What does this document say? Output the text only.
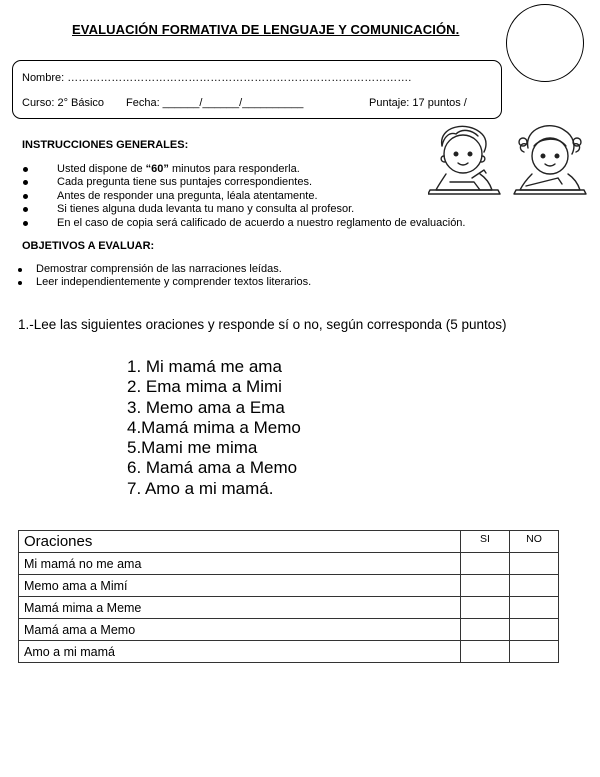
EVALUACIÓN FORMATIVA DE LENGUAJE Y COMUNICACIÓN.
Nombre: ………………………………………………………………………………….
Curso: 2° Básico Fecha: ______/______/__________	Puntaje: 17 puntos /
INSTRUCCIONES GENERALES:
Usted dispone de “60” minutos para responderla.
Cada pregunta tiene sus puntajes correspondientes.
Antes de responder una pregunta, léala atentamente.
Si tienes alguna duda levanta tu mano y consulta al profesor.
En el caso de copia será calificado de acuerdo a nuestro reglamento de evaluación.
OBJETIVOS A EVALUAR:
Demostrar comprensión de las narraciones leídas.
Leer independientemente y comprender textos literarios.
1.-Lee las siguientes oraciones y responde sí o no, según corresponda (5 puntos)
1. Mi mamá me ama
2. Ema mima a Mimi
3. Memo ama a Ema
4.Mamá mima a Memo
5.Mami me mima
6. Mamá ama a Memo
7. Amo a mi mamá.
Oraciones	SI	NO
Mi mamá no me ama		
Memo ama a Mimí		
Mamá mima a Meme		
Mamá ama a Memo		
Amo a mi mamá		
